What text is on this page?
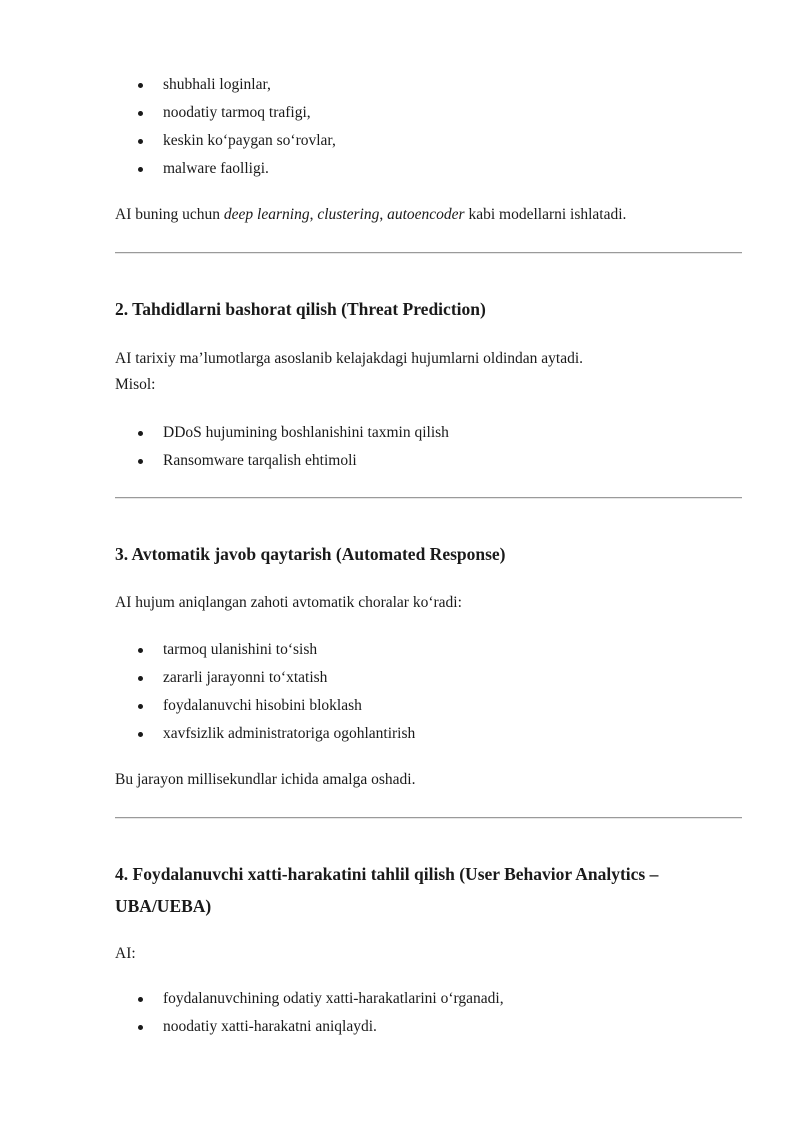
shubhali loginlar,
noodatiy tarmoq trafigi,
keskin ko‘paygan so‘rovlar,
malware faolligi.

AI buning uchun deep learning, clustering, autoencoder kabi modellarni ishlatadi.

2. Tahdidlarni bashorat qilish (Threat Prediction)

AI tarixiy ma’lumotlarga asoslanib kelajakdagi hujumlarni oldindan aytadi.

Misol:

DDoS hujumining boshlanishini taxmin qilish
Ransomware tarqalish ehtimoli
3. Avtomatik javob qaytarish (Automated Response)

AI hujum aniqlangan zahoti avtomatik choralar ko‘radi:

tarmoq ulanishini to‘sish
zararli jarayonni to‘xtatish
foydalanuvchi hisobini bloklash
xavfsizlik administratoriga ogohlantirish

Bu jarayon millisekundlar ichida amalga oshadi.

4. Foydalanuvchi xatti-harakatini tahlil qilish (User Behavior Analytics –
UBA/UEBA)

AI:

foydalanuvchining odatiy xatti-harakatlarini o‘rganadi,
noodatiy xatti-harakatni aniqlaydi.
